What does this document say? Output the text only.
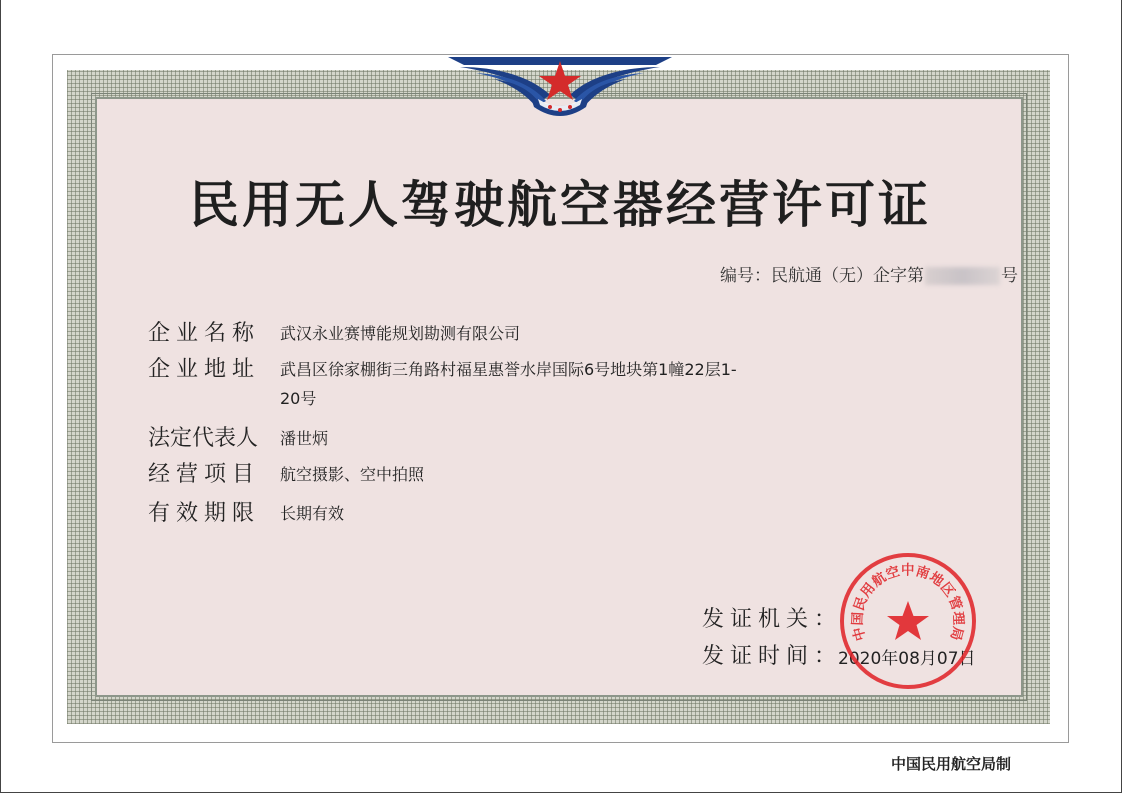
民用无人驾驶航空器经营许可证
编号：民航通（无）企字第	号
企业名称 武汉永业赛博能规划勘测有限公司
企业地址 武昌区徐家棚街三角路村福星惠誉水岸国际6号地块第1幢22层1-
20号
法定代表人 潘世炳
经营项目 航空摄影、空中拍照
有效期限 长期有效
发证机关：
发证时间：
2020年08月07日
中国民用航空中南地区管理局
中国民用航空局制
